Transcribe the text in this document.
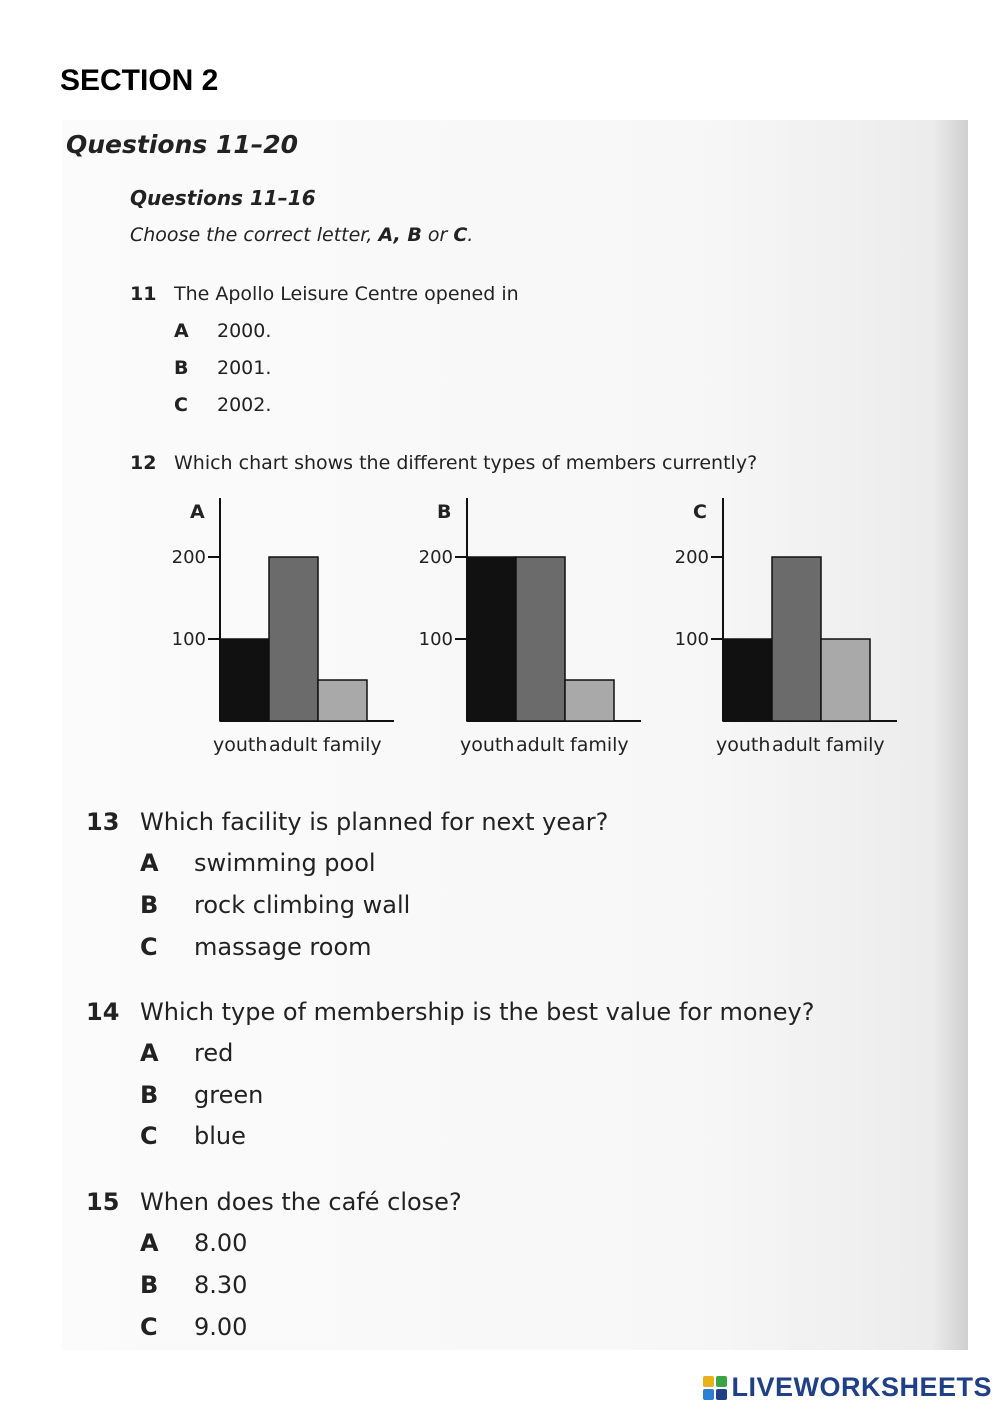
SECTION 2
Questions 11–20
Questions 11–16

Choose the correct letter, A, B or C.

11 The Apollo Leisure Centre opened in
A 2000.
B 2001.
C 2002.
12 Which chart shows the different types of members currently?
A
100
200
youth adult family
B
100
200
youth adult family
C
100
200
youth adult family
13 Which facility is planned for next year?
A swimming pool
B rock climbing wall
C massage room
14 Which type of membership is the best value for money?
A red
B green
C blue
15 When does the café close?
A 8.00
B 8.30
C 9.00
LIVEWORKSHEETS
